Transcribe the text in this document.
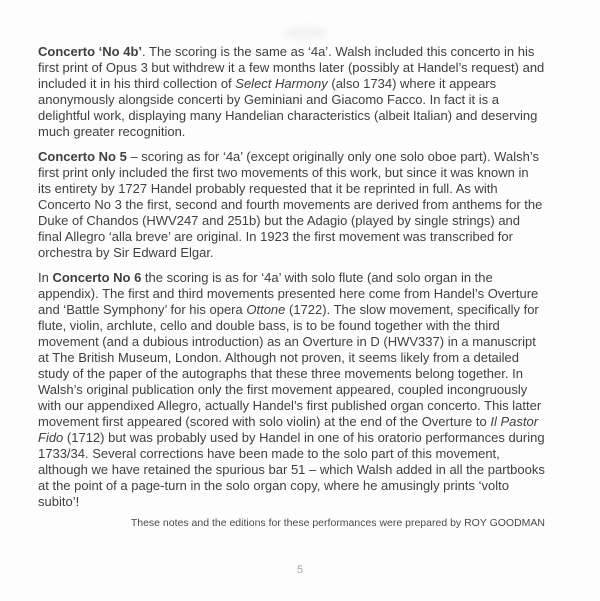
Concerto ‘No 4b’. The scoring is the same as ‘4a’. Walsh included this concerto in his first print of Opus 3 but withdrew it a few months later (possibly at Handel’s request) and included it in his third collection of Select Harmony (also 1734) where it appears anonymously alongside concerti by Geminiani and Giacomo Facco. In fact it is a delightful work, displaying many Handelian characteristics (albeit Italian) and deserving much greater recognition.

Concerto No 5 – scoring as for ‘4a’ (except originally only one solo oboe part). Walsh’s first print only included the first two movements of this work, but since it was known in its entirety by 1727 Handel probably requested that it be reprinted in full. As with Concerto No 3 the first, second and fourth movements are derived from anthems for the Duke of Chandos (HWV247 and 251b) but the Adagio (played by single strings) and final Allegro ‘alla breve’ are original. In 1923 the first movement was transcribed for orchestra by Sir Edward Elgar.

In Concerto No 6 the scoring is as for ‘4a’ with solo flute (and solo organ in the appendix). The first and third movements presented here come from Handel’s Overture and ‘Battle Symphony’ for his opera Ottone (1722). The slow movement, specifically for flute, violin, archlute, cello and double bass, is to be found together with the third movement (and a dubious introduction) as an Overture in D (HWV337) in a manuscript at The British Museum, London. Although not proven, it seems likely from a detailed study of the paper of the autographs that these three movements belong together. In Walsh’s original publication only the first movement appeared, coupled incongruously with our appendixed Allegro, actually Handel’s first published organ concerto. This latter movement first appeared (scored with solo violin) at the end of the Overture to Il Pastor Fido (1712) but was probably used by Handel in one of his oratorio performances during 1733/34. Several corrections have been made to the solo part of this movement, although we have retained the spurious bar 51 – which Walsh added in all the partbooks at the point of a page-turn in the solo organ copy, where he amusingly prints ‘volto subito’!

These notes and the editions for these performances were prepared by ROY GOODMAN
5
